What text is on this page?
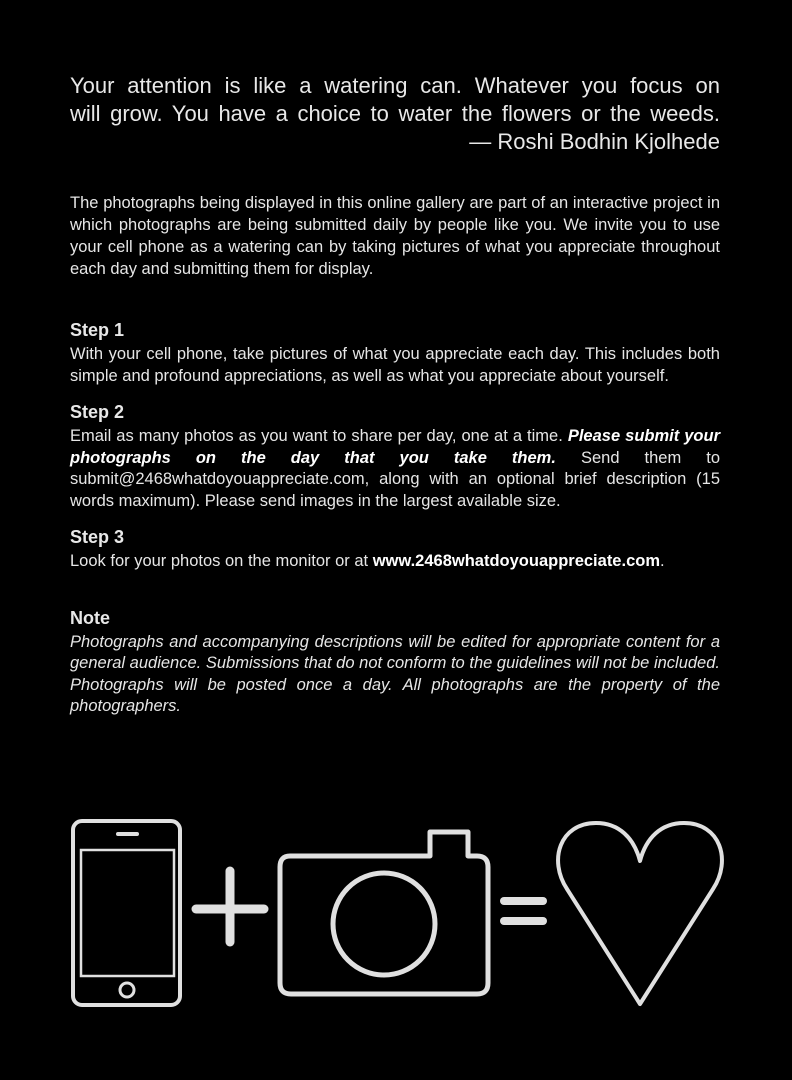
Your attention is like a watering can. Whatever you focus on

will grow. You have a choice to water the flowers or the weeds.

— Roshi Bodhin Kjolhede

The photographs being displayed in this online gallery are part of an interactive project in which photographs are being submitted daily by people like you. We invite you to use your cell phone as a watering can by taking pictures of what you appreciate throughout each day and submitting them for display.

Step 1

With your cell phone, take pictures of what you appreciate each day. This includes both simple and profound appreciations, as well as what you appreciate about yourself.

Step 2

Email as many photos as you want to share per day, one at a time. Please submit your photographs on the day that you take them. Send them to submit@2468whatdoyouappreciate.com, along with an optional brief description (15 words maximum). Please send images in the largest available size.

Step 3

Look for your photos on the monitor or at www.2468whatdoyouappreciate.com.

Note

Photographs and accompanying descriptions will be edited for appropriate content for a general audience. Submissions that do not conform to the guidelines will not be included. Photographs will be posted once a day. All photographs are the property of the photographers.
